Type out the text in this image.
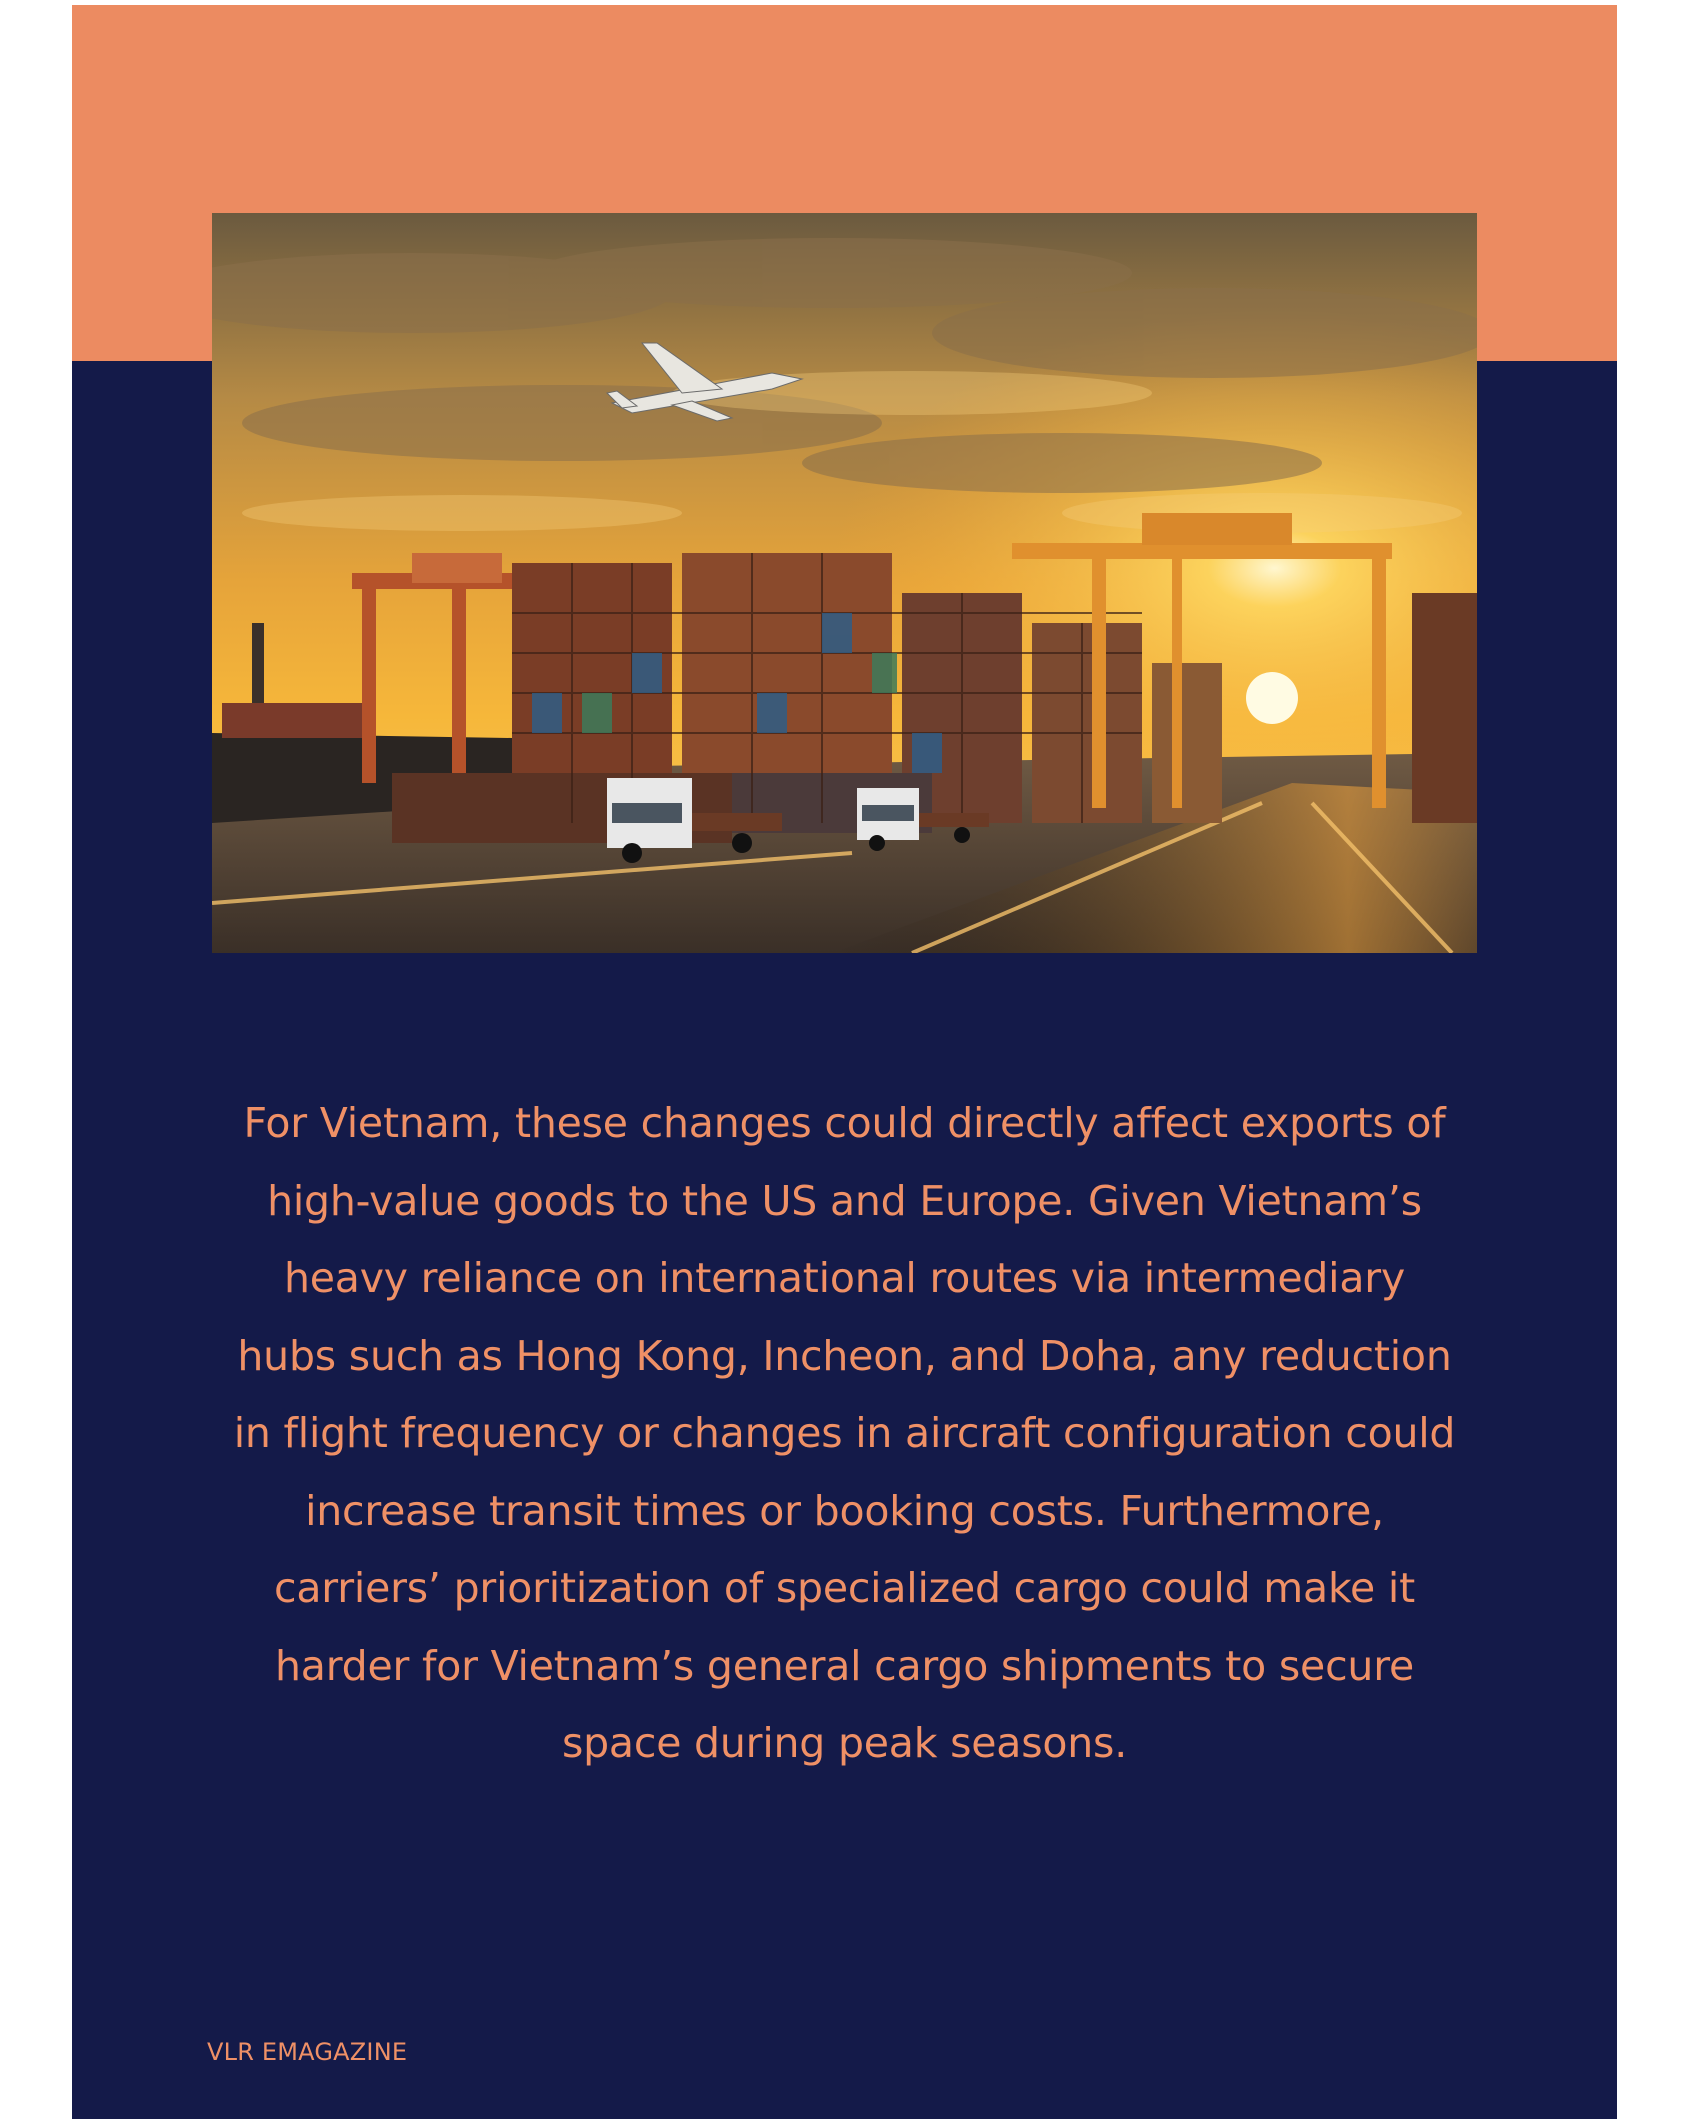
For Vietnam, these changes could directly affect exports of high-value goods to the US and Europe. Given Vietnam’s heavy reliance on international routes via intermediary hubs such as Hong Kong, Incheon, and Doha, any reduction in flight frequency or changes in aircraft configuration could increase transit times or booking costs. Furthermore, carriers’ prioritization of specialized cargo could make it harder for Vietnam’s general cargo shipments to secure space during peak seasons.

VLR EMAGAZINE
